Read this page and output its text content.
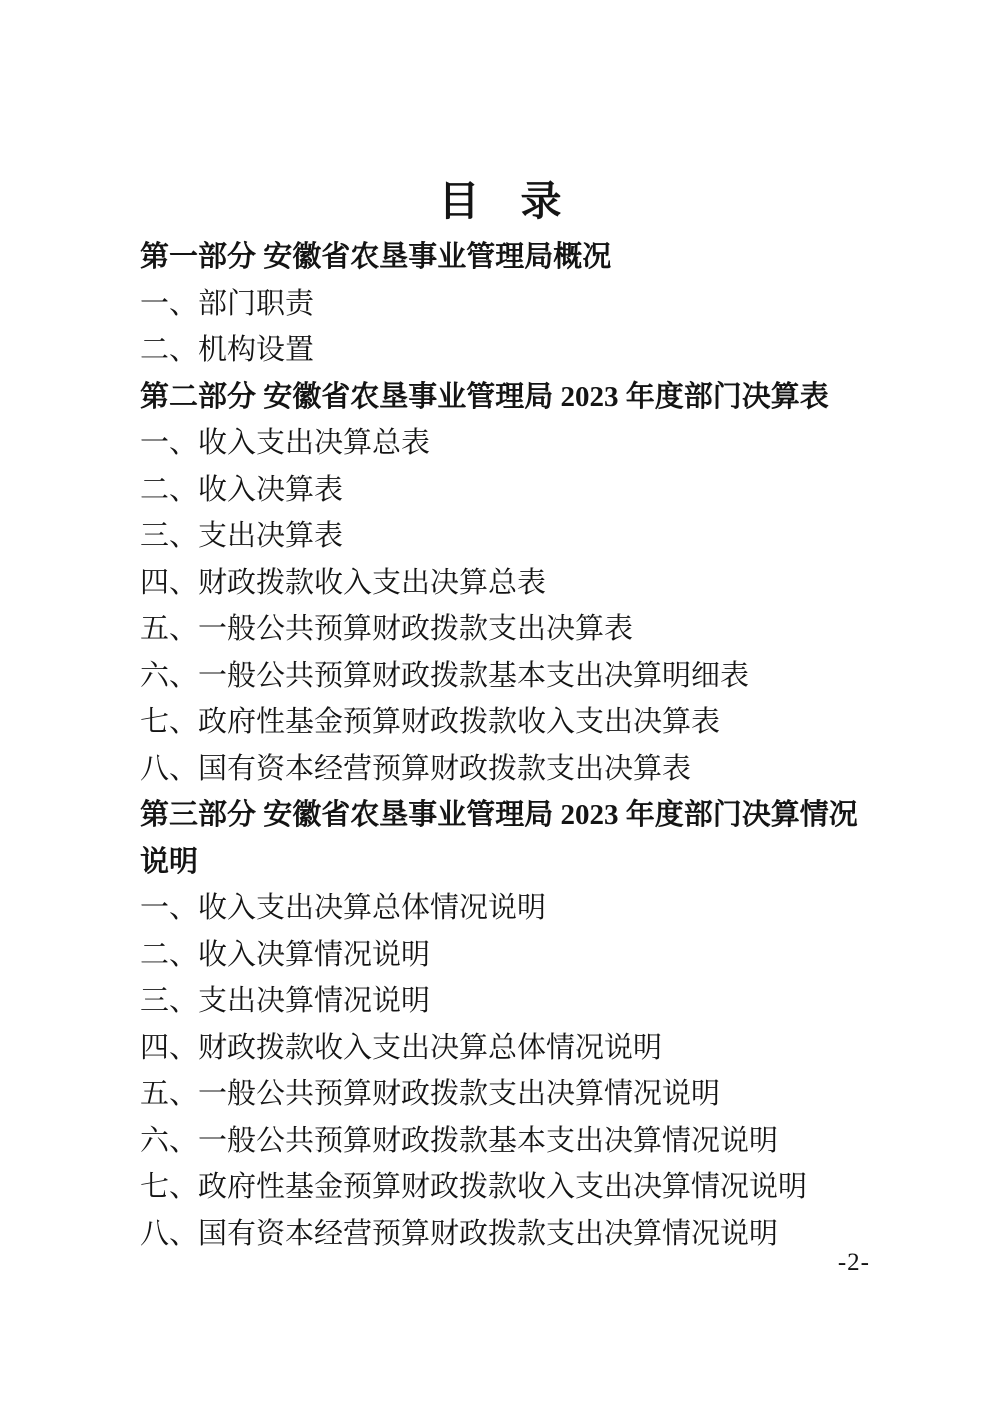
目　录
第一部分 安徽省农垦事业管理局概况
一、部门职责
二、机构设置
第二部分 安徽省农垦事业管理局 2023 年度部门决算表
一、收入支出决算总表
二、收入决算表
三、支出决算表
四、财政拨款收入支出决算总表
五、一般公共预算财政拨款支出决算表
六、一般公共预算财政拨款基本支出决算明细表
七、政府性基金预算财政拨款收入支出决算表
八、国有资本经营预算财政拨款支出决算表
第三部分 安徽省农垦事业管理局 2023 年度部门决算情况说明
一、收入支出决算总体情况说明
二、收入决算情况说明
三、支出决算情况说明
四、财政拨款收入支出决算总体情况说明
五、一般公共预算财政拨款支出决算情况说明
六、一般公共预算财政拨款基本支出决算情况说明
七、政府性基金预算财政拨款收入支出决算情况说明
八、国有资本经营预算财政拨款支出决算情况说明
-2-
